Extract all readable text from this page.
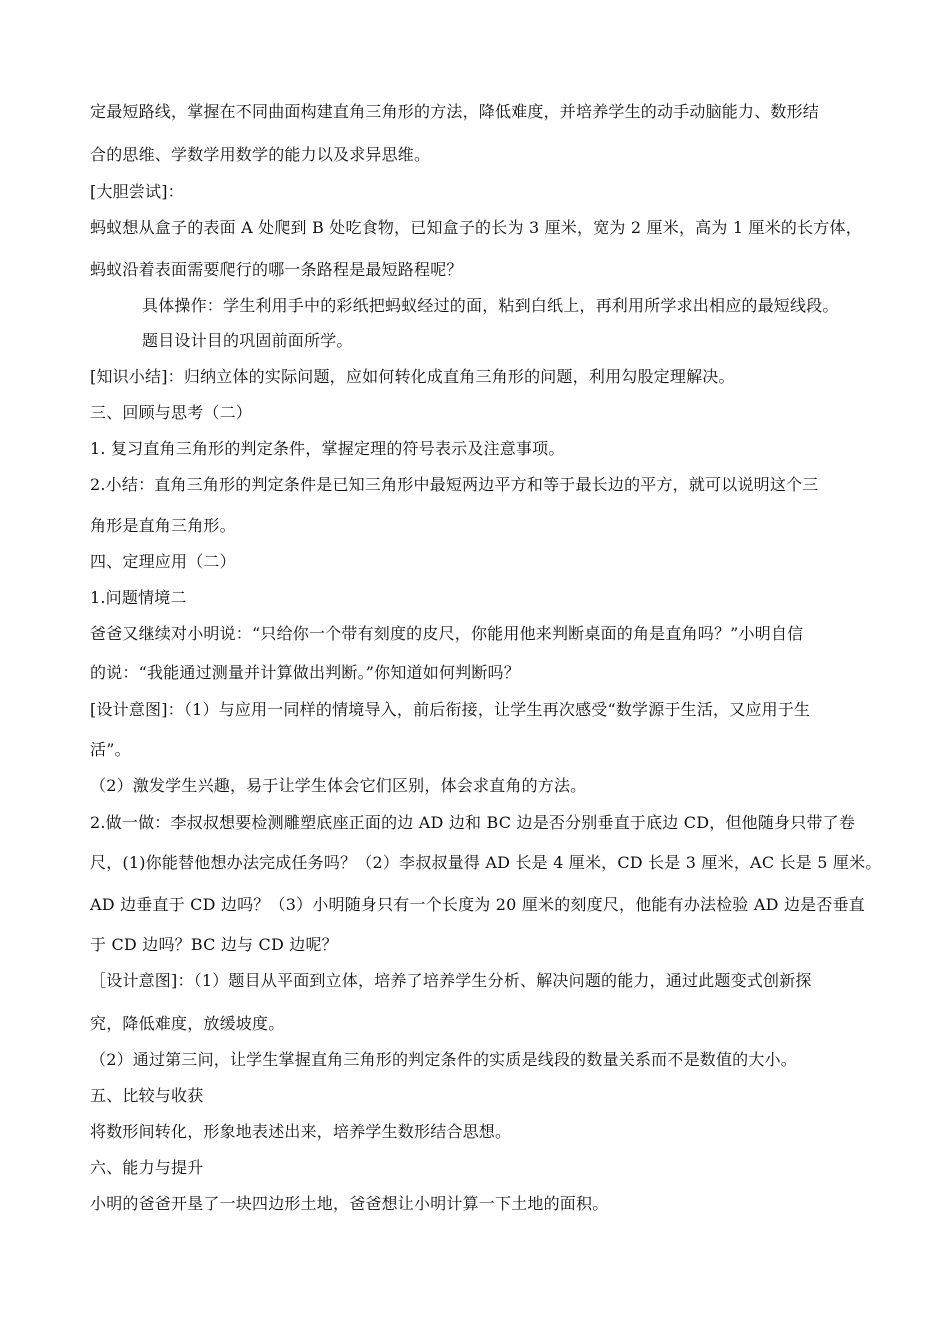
定最短路线，掌握在不同曲面构建直角三角形的方法，降低难度，并培养学生的动手动脑能力、数形结
合的思维、学数学用数学的能力以及求异思维。
[大胆尝试]：
蚂蚁想从盒子的表面 A 处爬到 B 处吃食物，已知盒子的长为 3 厘米，宽为 2 厘米，高为 1 厘米的长方体，
蚂蚁沿着表面需要爬行的哪一条路程是最短路程呢？
具体操作：学生利用手中的彩纸把蚂蚁经过的面，粘到白纸上，再利用所学求出相应的最短线段。
题目设计目的巩固前面所学。
[知识小结]：归纳立体的实际问题，应如何转化成直角三角形的问题，利用勾股定理解决。
三、回顾与思考（二）
1. 复习直角三角形的判定条件，掌握定理的符号表示及注意事项。
2.小结：直角三角形的判定条件是已知三角形中最短两边平方和等于最长边的平方，就可以说明这个三
角形是直角三角形。
四、定理应用（二）
1.问题情境二
爸爸又继续对小明说：“只给你一个带有刻度的皮尺，你能用他来判断桌面的角是直角吗？”小明自信
的说：“我能通过测量并计算做出判断。”你知道如何判断吗？
[设计意图]：（1）与应用一同样的情境导入，前后衔接，让学生再次感受“数学源于生活，又应用于生
活”。
（2）激发学生兴趣，易于让学生体会它们区别，体会求直角的方法。
2.做一做：李叔叔想要检测雕塑底座正面的边 AD 边和 BC 边是否分别垂直于底边 CD，但他随身只带了卷
尺，(1)你能替他想办法完成任务吗？（2）李叔叔量得 AD 长是 4 厘米，CD 长是 3 厘米，AC 长是 5 厘米。
AD 边垂直于 CD 边吗？（3）小明随身只有一个长度为 20 厘米的刻度尺，他能有办法检验 AD 边是否垂直
于 CD 边吗？BC 边与 CD 边呢？
［设计意图]：（1）题目从平面到立体，培养了培养学生分析、解决问题的能力，通过此题变式创新探
究，降低难度，放缓坡度。
（2）通过第三问，让学生掌握直角三角形的判定条件的实质是线段的数量关系而不是数值的大小。
五、比较与收获
将数形间转化，形象地表述出来，培养学生数形结合思想。
六、能力与提升
小明的爸爸开垦了一块四边形土地，爸爸想让小明计算一下土地的面积。
